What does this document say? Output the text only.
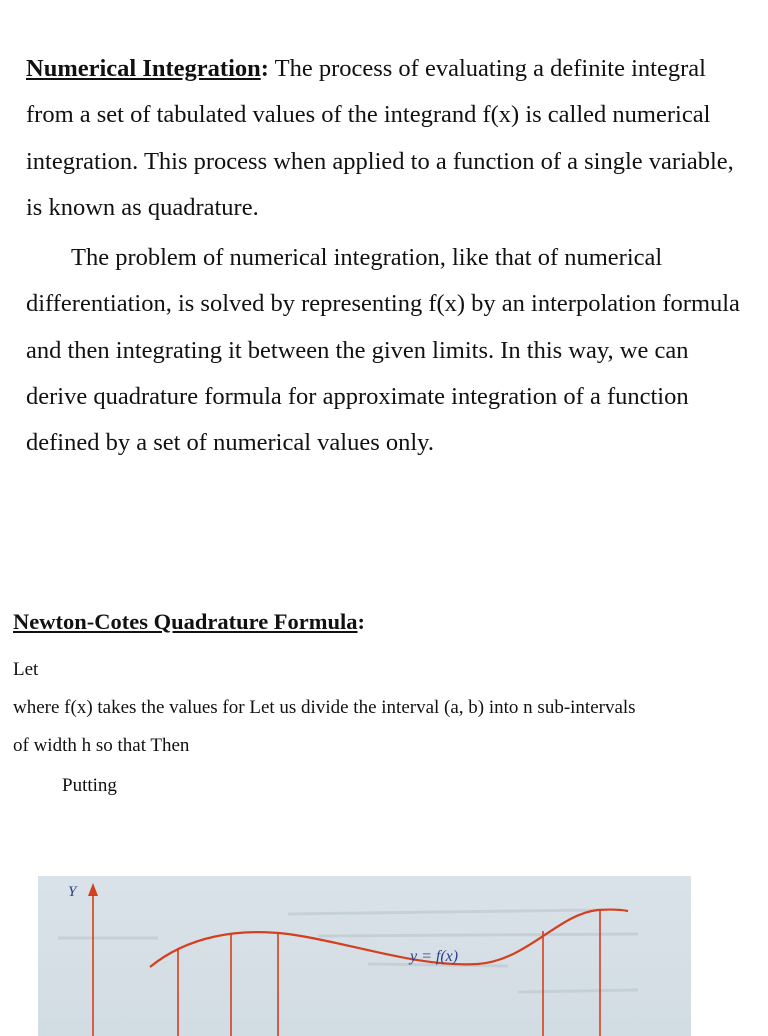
Numerical Integration: The process of evaluating a definite integral from a set of tabulated values of the integrand f(x) is called numerical integration. This process when applied to a function of a single variable, is known as quadrature.

The problem of numerical integration, like that of numerical differentiation, is solved by representing f(x) by an interpolation formula and then integrating it between the given limits. In this way, we can derive quadrature formula for approximate integration of a function defined by a set of numerical values only.

Newton-Cotes Quadrature Formula:

Let

where f(x) takes the values for Let us divide the interval (a, b) into n sub-intervals

of width h so that Then

Putting

Y
y = f(x)
